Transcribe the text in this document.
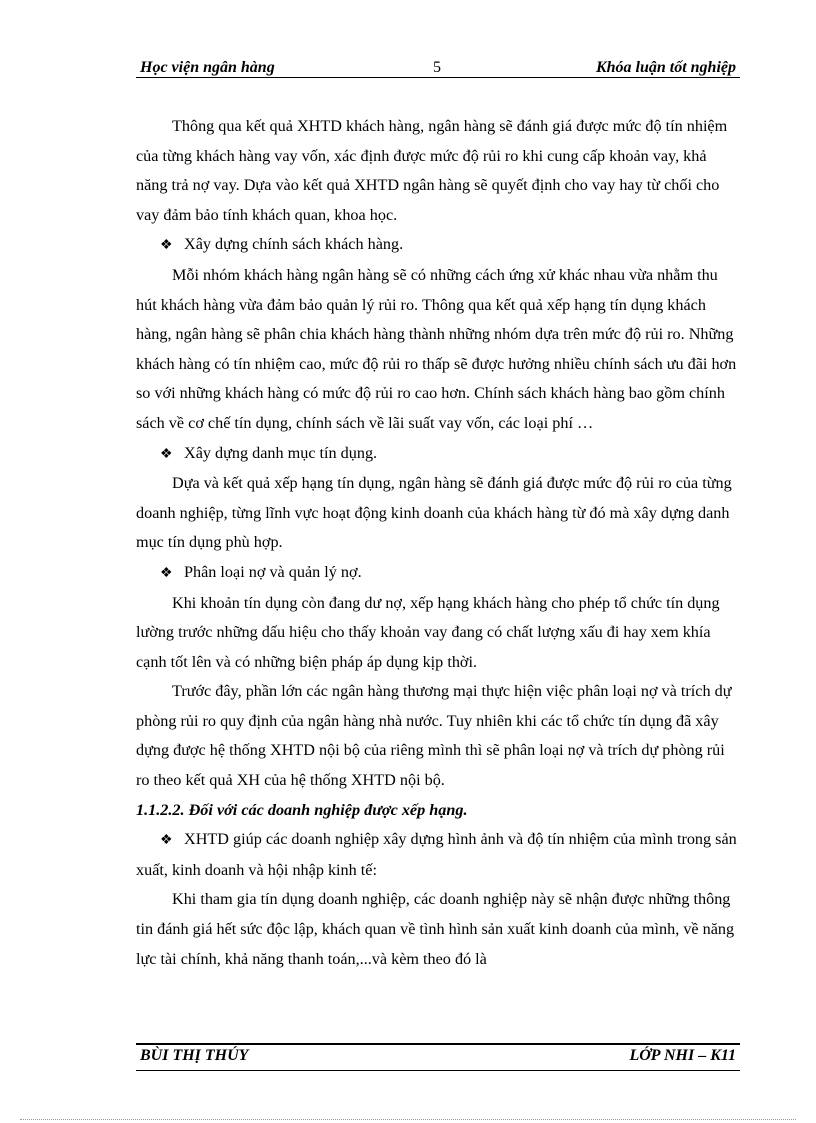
Học viện ngân hàng	5	Khóa luận tốt nghiệp

Thông qua kết quả XHTD khách hàng, ngân hàng sẽ đánh giá được mức độ tín nhiệm của từng khách hàng vay vốn, xác định được mức độ rủi ro khi cung cấp khoản vay, khả năng trả nợ vay. Dựa vào kết quả XHTD ngân hàng sẽ quyết định cho vay hay từ chối cho vay đảm bảo tính khách quan, khoa học.

❖ Xây dựng chính sách khách hàng.

Mỗi nhóm khách hàng ngân hàng sẽ có những cách ứng xử khác nhau vừa nhằm thu hút khách hàng vừa đảm bảo quản lý rủi ro. Thông qua kết quả xếp hạng tín dụng khách hàng, ngân hàng sẽ phân chia khách hàng thành những nhóm dựa trên mức độ rủi ro. Những khách hàng có tín nhiệm cao, mức độ rủi ro thấp sẽ được hưởng nhiều chính sách ưu đãi hơn so với những khách hàng có mức độ rủi ro cao hơn. Chính sách khách hàng bao gồm chính sách về cơ chế tín dụng, chính sách về lãi suất vay vốn, các loại phí …

❖ Xây dựng danh mục tín dụng.

Dựa và kết quả xếp hạng tín dụng, ngân hàng sẽ đánh giá được mức độ rủi ro của từng doanh nghiệp, từng lĩnh vực hoạt động kinh doanh của khách hàng từ đó mà xây dựng danh mục tín dụng phù hợp.

❖ Phân loại nợ và quản lý nợ.

Khi khoản tín dụng còn đang dư nợ, xếp hạng khách hàng cho phép tổ chức tín dụng lường trước những dấu hiệu cho thấy khoản vay đang có chất lượng xấu đi hay xem khía cạnh tốt lên và có những biện pháp áp dụng kịp thời.

Trước đây, phần lớn các ngân hàng thương mại thực hiện việc phân loại nợ và trích dự phòng rủi ro quy định của ngân hàng nhà nước. Tuy nhiên khi các tổ chức tín dụng đã xây dựng được hệ thống XHTD nội bộ của riêng mình thì sẽ phân loại nợ và trích dự phòng rủi ro theo kết quả XH của hệ thống XHTD nội bộ.

1.1.2.2. Đối với các doanh nghiệp được xếp hạng.

❖ XHTD giúp các doanh nghiệp xây dựng hình ảnh và độ tín nhiệm của mình trong sản xuất, kinh doanh và hội nhập kinh tế:

Khi tham gia tín dụng doanh nghiệp, các doanh nghiệp này sẽ nhận được những thông tin đánh giá hết sức độc lập, khách quan về tình hình sản xuất kinh doanh của mình, về năng lực tài chính, khả năng thanh toán,...và kèm theo đó là

BÙI THỊ THÚY	LỚP NHI – K11
